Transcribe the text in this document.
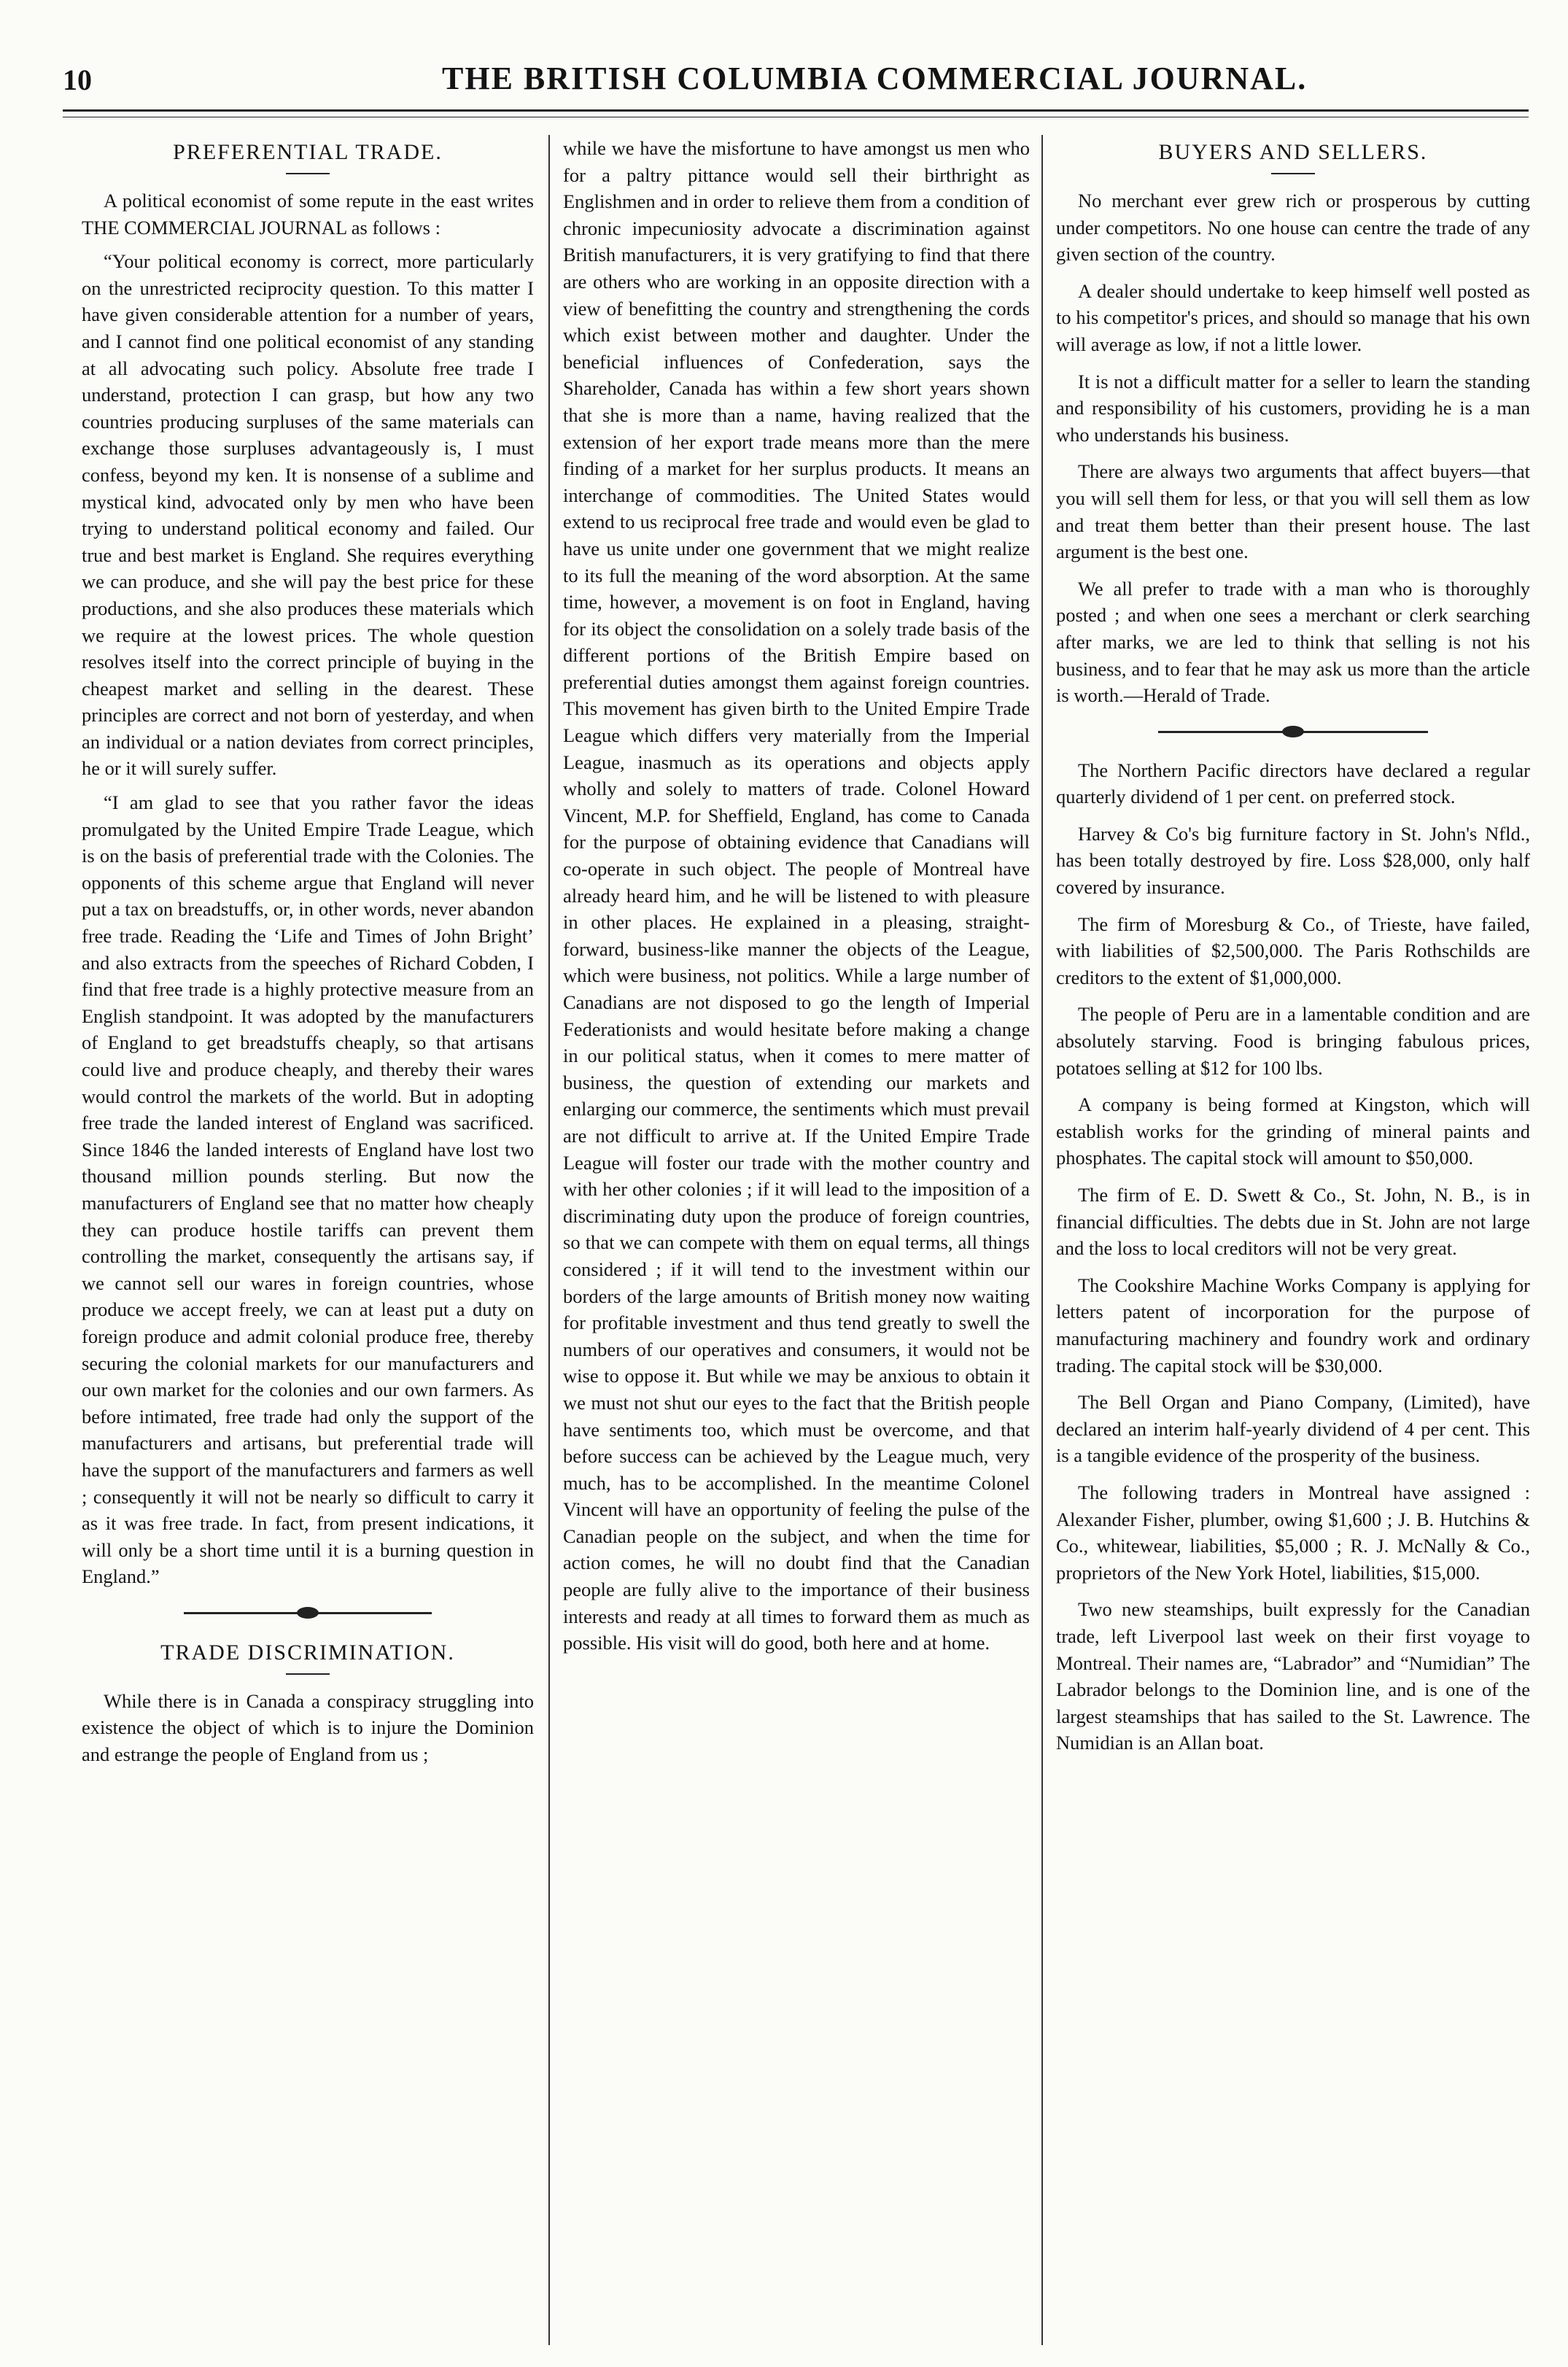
10	THE BRITISH COLUMBIA COMMERCIAL JOURNAL.
PREFERENTIAL TRADE.

A political economist of some repute in the east writes THE COMMERCIAL JOURNAL as follows :

“Your political economy is correct, more particularly on the unrestricted reciprocity question. To this matter I have given considerable attention for a number of years, and I cannot find one political economist of any standing at all advocating such policy. Absolute free trade I understand, protection I can grasp, but how any two countries producing surpluses of the same materials can exchange those surpluses advantageously is, I must confess, beyond my ken. It is nonsense of a sublime and mystical kind, advocated only by men who have been trying to understand political economy and failed. Our true and best market is England. She requires everything we can produce, and she will pay the best price for these productions, and she also produces these materials which we require at the lowest prices. The whole question resolves itself into the correct principle of buying in the cheapest market and selling in the dearest. These principles are correct and not born of yesterday, and when an individual or a nation deviates from correct principles, he or it will surely suffer.

“I am glad to see that you rather favor the ideas promulgated by the United Empire Trade League, which is on the basis of preferential trade with the Colonies. The opponents of this scheme argue that England will never put a tax on breadstuffs, or, in other words, never abandon free trade. Reading the ‘Life and Times of John Bright’ and also extracts from the speeches of Richard Cobden, I find that free trade is a highly protective measure from an English standpoint. It was adopted by the manufacturers of England to get breadstuffs cheaply, so that artisans could live and produce cheaply, and thereby their wares would control the markets of the world. But in adopting free trade the landed interest of England was sacrificed. Since 1846 the landed interests of England have lost two thousand million pounds sterling. But now the manufacturers of England see that no matter how cheaply they can produce hostile tariffs can prevent them controlling the market, consequently the artisans say, if we cannot sell our wares in foreign countries, whose produce we accept freely, we can at least put a duty on foreign produce and admit colonial produce free, thereby securing the colonial markets for our manufacturers and our own market for the colonies and our own farmers. As before intimated, free trade had only the support of the manufacturers and artisans, but preferential trade will have the support of the manufacturers and farmers as well ; consequently it will not be nearly so difficult to carry it as it was free trade. In fact, from present indications, it will only be a short time until it is a burning question in England.”

TRADE DISCRIMINATION.

While there is in Canada a conspiracy struggling into existence the object of which is to injure the Dominion and estrange the people of England from us ;

while we have the misfortune to have amongst us men who for a paltry pittance would sell their birthright as Englishmen and in order to relieve them from a condition of chronic impecuniosity advocate a discrimination against British manufacturers, it is very gratifying to find that there are others who are working in an opposite direction with a view of benefitting the country and strengthening the cords which exist between mother and daughter. Under the beneficial influences of Confederation, says the Shareholder, Canada has within a few short years shown that she is more than a name, having realized that the extension of her export trade means more than the mere finding of a market for her surplus products. It means an interchange of commodities. The United States would extend to us reciprocal free trade and would even be glad to have us unite under one government that we might realize to its full the meaning of the word absorption. At the same time, however, a movement is on foot in England, having for its object the consolidation on a solely trade basis of the different portions of the British Empire based on preferential duties amongst them against foreign countries. This movement has given birth to the United Empire Trade League which differs very materially from the Imperial League, inasmuch as its operations and objects apply wholly and solely to matters of trade. Colonel Howard Vincent, M.P. for Sheffield, England, has come to Canada for the purpose of obtaining evidence that Canadians will co-operate in such object. The people of Montreal have already heard him, and he will be listened to with pleasure in other places. He explained in a pleasing, straight-forward, business-like manner the objects of the League, which were business, not politics. While a large number of Canadians are not disposed to go the length of Imperial Federationists and would hesitate before making a change in our political status, when it comes to mere matter of business, the question of extending our markets and enlarging our commerce, the sentiments which must prevail are not difficult to arrive at. If the United Empire Trade League will foster our trade with the mother country and with her other colonies ; if it will lead to the imposition of a discriminating duty upon the produce of foreign countries, so that we can compete with them on equal terms, all things considered ; if it will tend to the investment within our borders of the large amounts of British money now waiting for profitable investment and thus tend greatly to swell the numbers of our operatives and consumers, it would not be wise to oppose it. But while we may be anxious to obtain it we must not shut our eyes to the fact that the British people have sentiments too, which must be overcome, and that before success can be achieved by the League much, very much, has to be accomplished. In the meantime Colonel Vincent will have an opportunity of feeling the pulse of the Canadian people on the subject, and when the time for action comes, he will no doubt find that the Canadian people are fully alive to the importance of their business interests and ready at all times to forward them as much as possible. His visit will do good, both here and at home.

BUYERS AND SELLERS.

No merchant ever grew rich or prosperous by cutting under competitors. No one house can centre the trade of any given section of the country.

A dealer should undertake to keep himself well posted as to his competitor's prices, and should so manage that his own will average as low, if not a little lower.

It is not a difficult matter for a seller to learn the standing and responsibility of his customers, providing he is a man who understands his business.

There are always two arguments that affect buyers—that you will sell them for less, or that you will sell them as low and treat them better than their present house. The last argument is the best one.

We all prefer to trade with a man who is thoroughly posted ; and when one sees a merchant or clerk searching after marks, we are led to think that selling is not his business, and to fear that he may ask us more than the article is worth.—Herald of Trade.

The Northern Pacific directors have declared a regular quarterly dividend of 1 per cent. on preferred stock.

Harvey & Co's big furniture factory in St. John's Nfld., has been totally destroyed by fire. Loss $28,000, only half covered by insurance.

The firm of Moresburg & Co., of Trieste, have failed, with liabilities of $2,500,000. The Paris Rothschilds are creditors to the extent of $1,000,000.

The people of Peru are in a lamentable condition and are absolutely starving. Food is bringing fabulous prices, potatoes selling at $12 for 100 lbs.

A company is being formed at Kingston, which will establish works for the grinding of mineral paints and phosphates. The capital stock will amount to $50,000.

The firm of E. D. Swett & Co., St. John, N. B., is in financial difficulties. The debts due in St. John are not large and the loss to local creditors will not be very great.

The Cookshire Machine Works Company is applying for letters patent of incorporation for the purpose of manufacturing machinery and foundry work and ordinary trading. The capital stock will be $30,000.

The Bell Organ and Piano Company, (Limited), have declared an interim half-yearly dividend of 4 per cent. This is a tangible evidence of the prosperity of the business.

The following traders in Montreal have assigned : Alexander Fisher, plumber, owing $1,600 ; J. B. Hutchins & Co., whitewear, liabilities, $5,000 ; R. J. McNally & Co., proprietors of the New York Hotel, liabilities, $15,000.

Two new steamships, built expressly for the Canadian trade, left Liverpool last week on their first voyage to Montreal. Their names are, “Labrador” and “Numidian” The Labrador belongs to the Dominion line, and is one of the largest steamships that has sailed to the St. Lawrence. The Numidian is an Allan boat.
